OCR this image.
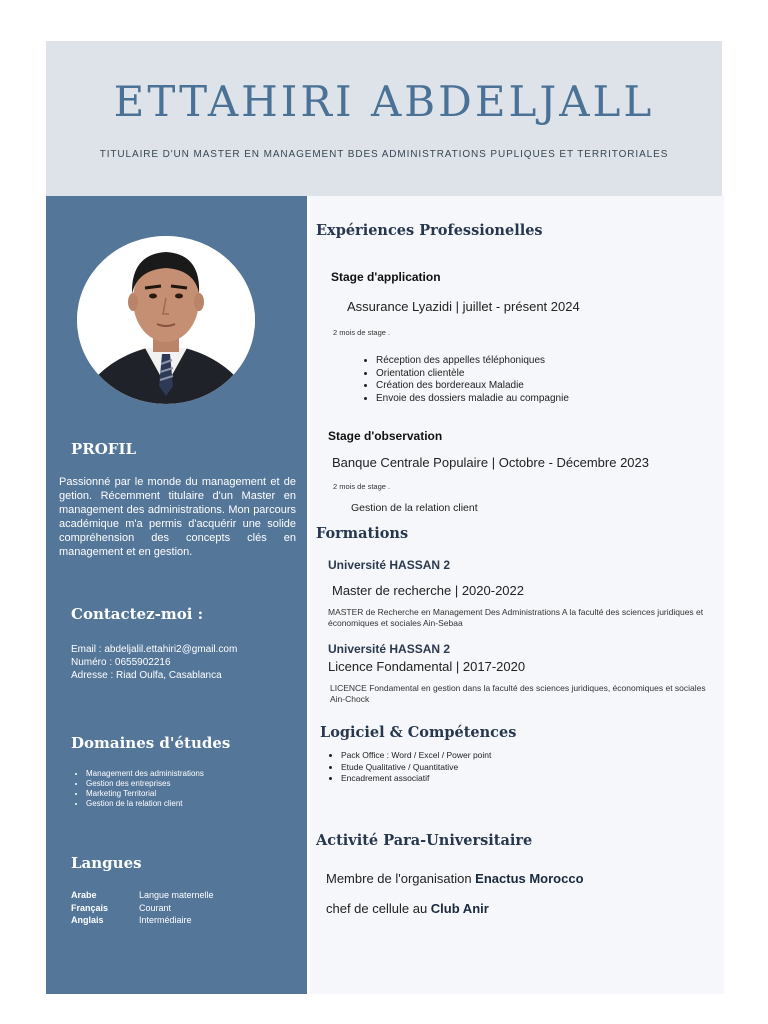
ETTAHIRI ABDELJALL
TITULAIRE D'UN MASTER EN MANAGEMENT BDES ADMINISTRATIONS PUPLIQUES ET TERRITORIALES
PROFIL
Passionné par le monde du management et de getion. Récemment titulaire d'un Master en management des administrations. Mon parcours académique m'a permis d'acquérir une solide compréhension des concepts clés en management et en gestion.
Contactez-moi :
Email : abdeljalil.ettahiri2@gmail.com
Numéro : 0655902216
Adresse : Riad Oulfa, Casablanca
Domaines d'études
• Management des administrations
• Gestion des entreprises
• Marketing Territorial
• Gestion de la relation client
Langues
Arabe	Langue maternelle
Français	Courant
Anglais	Intermédiaire
Expériences Professionelles
Stage d'application
Assurance Lyazidi | juillet - présent 2024
2 mois de stage .
• Réception des appelles téléphoniques
• Orientation clientèle
• Création des bordereaux Maladie
• Envoie des dossiers maladie au compagnie
Stage d'observation
Banque Centrale Populaire | Octobre - Décembre 2023
2 mois de stage .
Gestion de la relation client
Formations
Université HASSAN 2
Master de recherche | 2020-2022
MASTER de Recherche en Management Des Administrations A la faculté des sciences juridiques et économiques et sociales Ain-Sebaa
Université HASSAN 2
Licence Fondamental | 2017-2020
LICENCE Fondamental en gestion dans la faculté des sciences juridiques, économiques et sociales Ain-Chock
Logiciel & Compétences
• Pack Office : Word / Excel / Power point
• Etude Qualitative / Quantitative
• Encadrement associatif
Activité Para-Universitaire
Membre de l'organisation Enactus Morocco
chef de cellule au Club Anir
